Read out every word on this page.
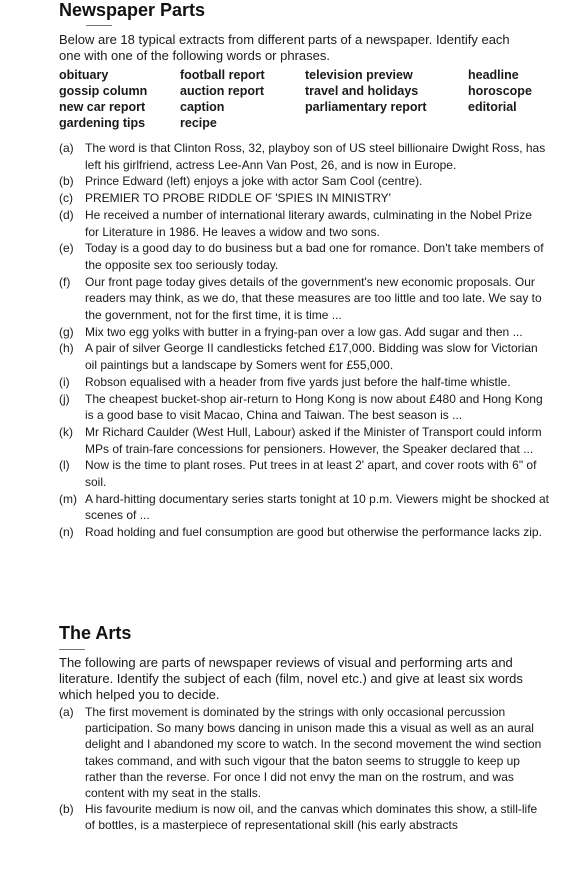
Newspaper Parts

Below are 18 typical extracts from different parts of a newspaper. Identify each one with one of the following words or phrases.

obituary	football report	television preview	headline
gossip column	auction report	travel and holidays	horoscope
new car report	caption	parliamentary report	editorial
gardening tips	recipe
(a) The word is that Clinton Ross, 32, playboy son of US steel billionaire Dwight Ross, has left his girlfriend, actress Lee-Ann Van Post, 26, and is now in Europe.
(b) Prince Edward (left) enjoys a joke with actor Sam Cool (centre).
(c)	PREMIER TO PROBE RIDDLE OF 'SPIES IN MINISTRY'
(d) He received a number of international literary awards, culminating in the Nobel Prize for Literature in 1986. He leaves a widow and two sons.
(e) Today is a good day to do business but a bad one for romance. Don't take members of the opposite sex too seriously today.
(f)	Our front page today gives details of the government's new economic proposals. Our readers may think, as we do, that these measures are too little and too late. We say to the government, not for the first time, it is time ...
(g) Mix two egg yolks with butter in a frying-pan over a low gas. Add sugar and then ...
(h) A pair of silver George II candlesticks fetched £17,000. Bidding was slow for Victorian oil paintings but a landscape by Somers went for £55,000.
(i)	Robson equalised with a header from five yards just before the half-time whistle.
(j)	The cheapest bucket-shop air-return to Hong Kong is now about £480 and Hong Kong is a good base to visit Macao, China and Taiwan. The best season is ...
(k)	Mr Richard Caulder (West Hull, Labour) asked if the Minister of Transport could inform MPs of train-fare concessions for pensioners. However, the Speaker declared that ...
(l)	Now is the time to plant roses. Put trees in at least 2' apart, and cover roots with 6" of soil.
(m) A hard-hitting documentary series starts tonight at 10 p.m. Viewers might be shocked at scenes of ...
(n) Road holding and fuel consumption are good but otherwise the performance lacks zip.
The Arts

The following are parts of newspaper reviews of visual and performing arts and literature. Identify the subject of each (film, novel etc.) and give at least six words which helped you to decide.

(a) The first movement is dominated by the strings with only occasional percussion participation. So many bows dancing in unison made this a visual as well as an aural delight and I abandoned my score to watch. In the second movement the wind section takes command, and with such vigour that the baton seems to struggle to keep up rather than the reverse. For once I did not envy the man on the rostrum, and was content with my seat in the stalls.
(b) His favourite medium is now oil, and the canvas which dominates this show, a still-life of bottles, is a masterpiece of representational skill (his early abstracts
